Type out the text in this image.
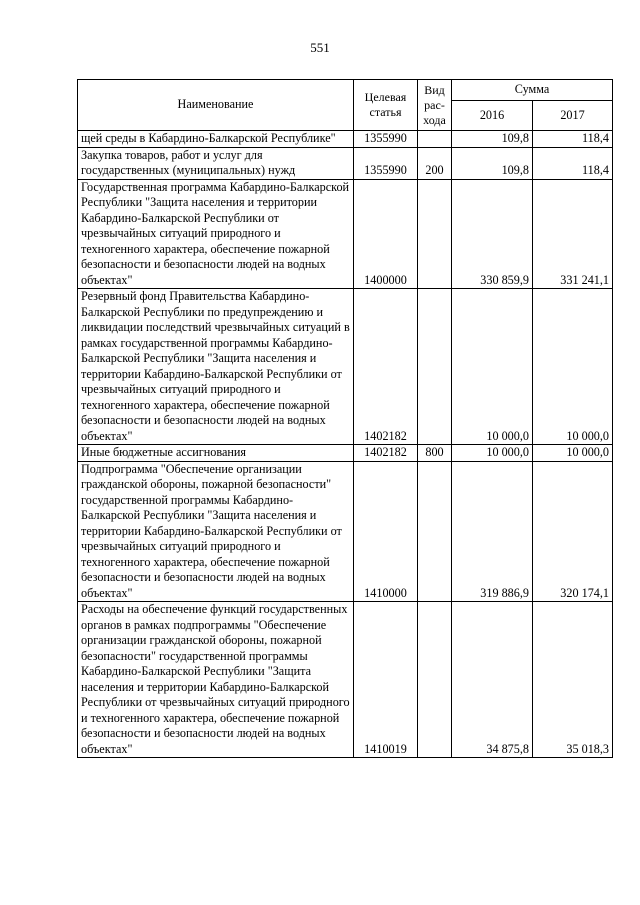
551
Наименование	Целевая статья	Вид рас-хода	Сумма	
			2016	2017
щей среды в Кабардино-Балкарской Республике"	1355990		109,8	118,4
Закупка товаров, работ и услуг для государственных (муниципальных) нужд	1355990	200	109,8	118,4
Государственная программа Кабардино-Балкарской Республики "Защита населения и территории Кабардино-Балкарской Республики от чрезвычайных ситуаций природного и техногенного характера, обеспечение пожарной безопасности и безопасности людей на водных объектах"	1400000		330 859,9	331 241,1
Резервный фонд Правительства Кабардино-Балкарской Республики по предупреждению и ликвидации последствий чрезвычайных ситуаций в рамках государственной программы Кабардино-Балкарской Республики "Защита населения и территории Кабардино-Балкарской Республики от чрезвычайных ситуаций природного и техногенного характера, обеспечение пожарной безопасности и безопасности людей на водных объектах"	1402182		10 000,0	10 000,0
Иные бюджетные ассигнования	1402182	800	10 000,0	10 000,0
Подпрограмма "Обеспечение организации гражданской обороны, пожарной безопасности" государственной программы Кабардино-Балкарской Республики "Защита населения и территории Кабардино-Балкарской Республики от чрезвычайных ситуаций природного и техногенного характера, обеспечение пожарной безопасности и безопасности людей на водных объектах"	1410000		319 886,9	320 174,1
Расходы на обеспечение функций государственных органов в рамках подпрограммы "Обеспечение организации гражданской обороны, пожарной безопасности" государственной программы Кабардино-Балкарской Республики "Защита населения и территории Кабардино-Балкарской Республики от чрезвычайных ситуаций природного и техногенного характера, обеспечение пожарной безопасности и безопасности людей на водных объектах"	1410019		34 875,8	35 018,3
